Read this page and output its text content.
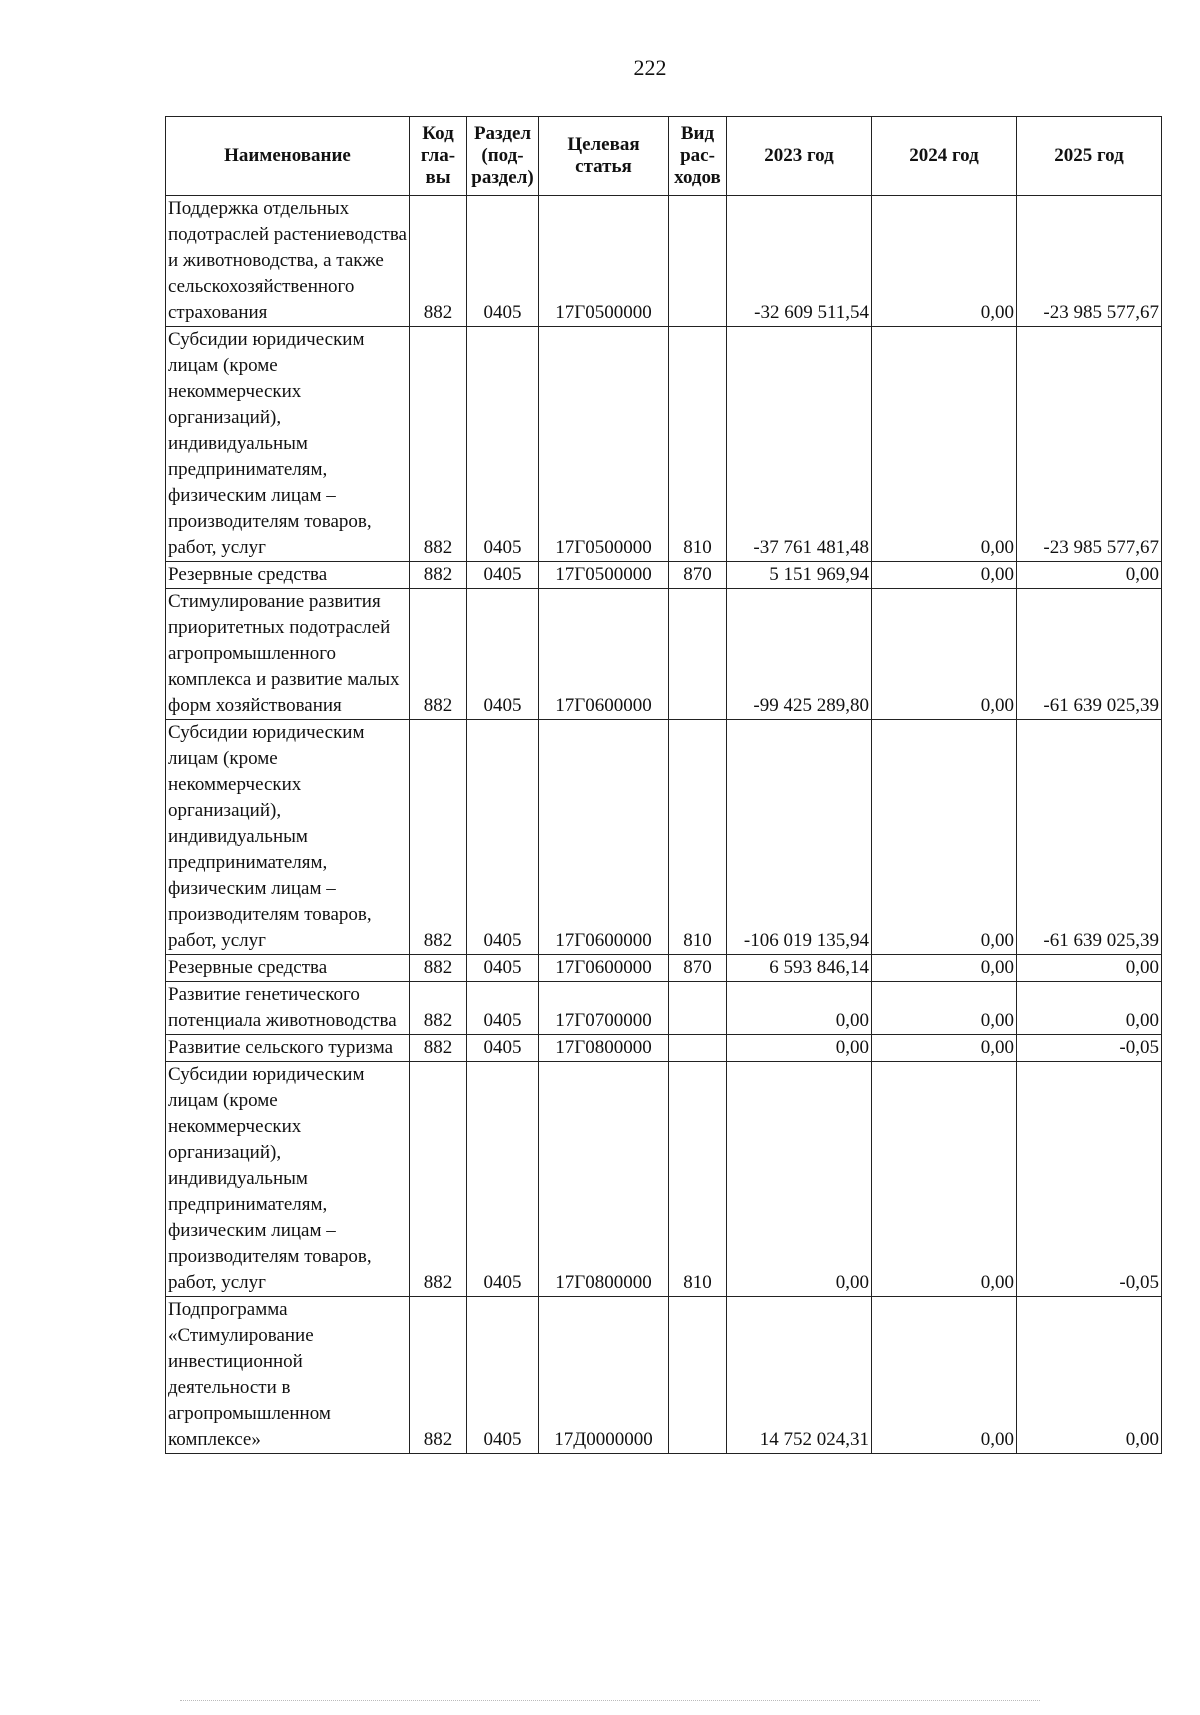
222
Наименование	Код гла- вы	Раздел (под- раздел)	Целевая статья	Вид рас- ходов	2023 год	2024 год	2025 год
Поддержка отдельных подотраслей растениеводства и животноводства, а также сельскохозяйственного страхования	882	0405	17Г0500000		-32 609 511,54	0,00	-23 985 577,67
Субсидии юридическим лицам (кроме некоммерческих организаций), индивидуальным предпринимателям, физическим лицам – производителям товаров, работ, услуг	882	0405	17Г0500000	810	-37 761 481,48	0,00	-23 985 577,67
Резервные средства	882	0405	17Г0500000	870	5 151 969,94	0,00	0,00
Стимулирование развития приоритетных подотраслей агропромышленного комплекса и развитие малых форм хозяйствования	882	0405	17Г0600000		-99 425 289,80	0,00	-61 639 025,39
Субсидии юридическим лицам (кроме некоммерческих организаций), индивидуальным предпринимателям, физическим лицам – производителям товаров, работ, услуг	882	0405	17Г0600000	810	-106 019 135,94	0,00	-61 639 025,39
Резервные средства	882	0405	17Г0600000	870	6 593 846,14	0,00	0,00
Развитие генетического потенциала животноводства	882	0405	17Г0700000		0,00	0,00	0,00
Развитие сельского туризма	882	0405	17Г0800000		0,00	0,00	-0,05
Субсидии юридическим лицам (кроме некоммерческих организаций), индивидуальным предпринимателям, физическим лицам – производителям товаров, работ, услуг	882	0405	17Г0800000	810	0,00	0,00	-0,05
Подпрограмма «Стимулирование инвестиционной деятельности в агропромышленном комплексе»	882	0405	17Д0000000		14 752 024,31	0,00	0,00
